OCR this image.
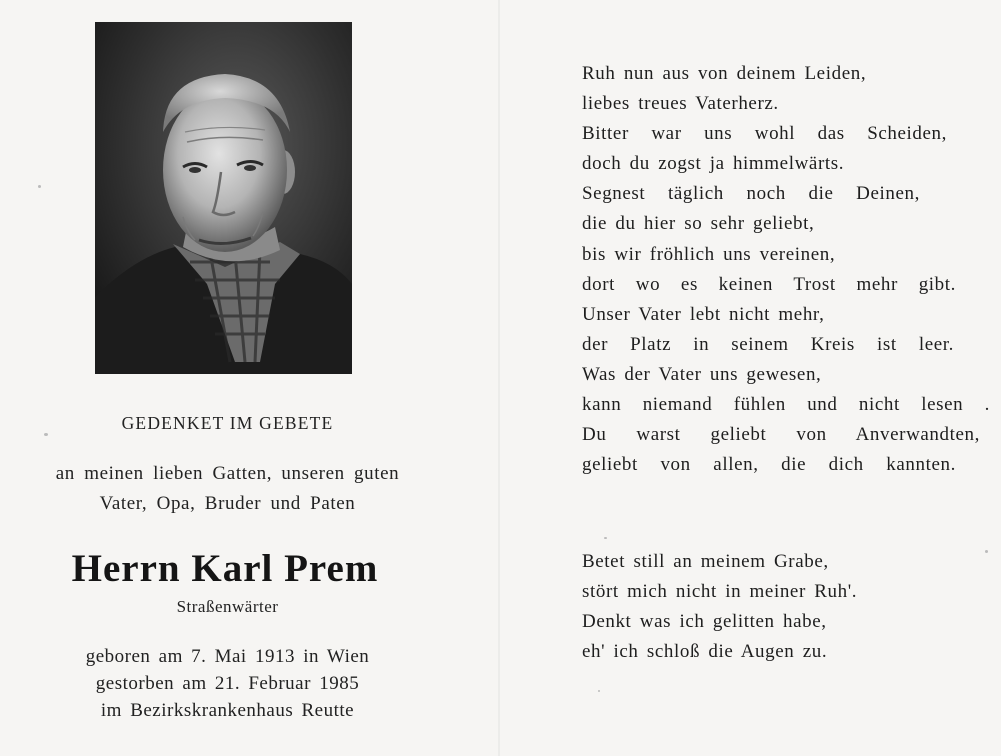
GEDENKET IM GEBETE
an meinen lieben Gatten, unseren guten
Vater, Opa, Bruder und Paten
Herrn Karl Prem
Straßenwärter
geboren am 7. Mai 1913 in Wien
gestorben am 21. Februar 1985
im Bezirkskrankenhaus Reutte
Ruh nun aus von deinem Leiden,
liebes treues Vaterherz.
Bitter war uns wohl das Scheiden,
doch du zogst ja himmelwärts.
Segnest täglich noch die Deinen,
die du hier so sehr geliebt,
bis wir fröhlich uns vereinen,
dort wo es keinen Trost mehr gibt.
Unser Vater lebt nicht mehr,
der Platz in seinem Kreis ist leer.
Was der Vater uns gewesen,
kann niemand fühlen und nicht lesen .
Du warst geliebt von Anverwandten,
geliebt von allen, die dich kannten.
Betet still an meinem Grabe,
stört mich nicht in meiner Ruh'.
Denkt was ich gelitten habe,
eh' ich schloß die Augen zu.
